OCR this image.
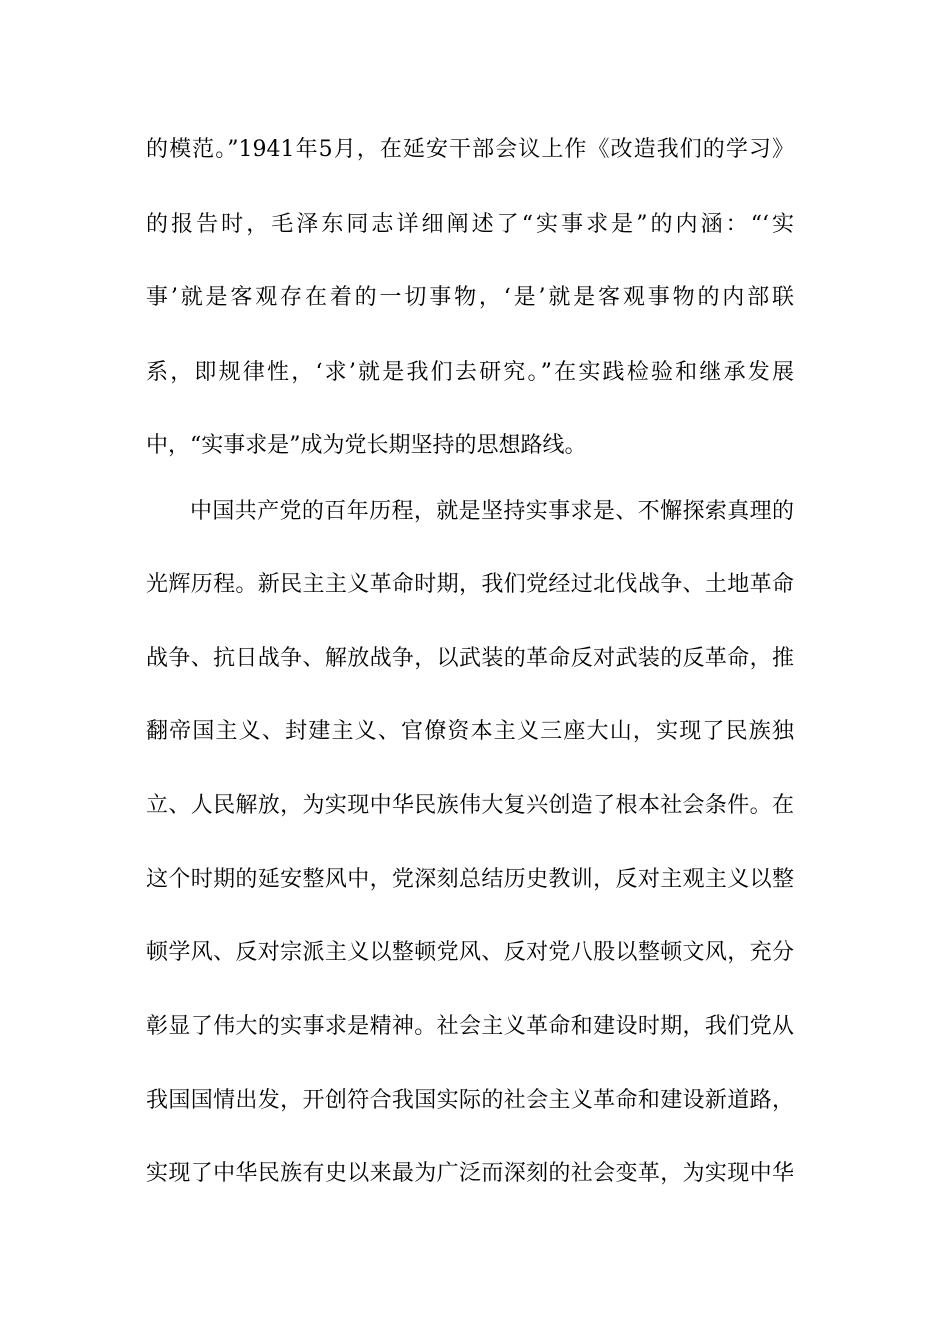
的模范。”1941年5月，在延安干部会议上作《改造我们的学习》
的报告时，毛泽东同志详细阐述了“实事求是”的内涵：“‘实
事’就是客观存在着的一切事物，‘是’就是客观事物的内部联
系，即规律性，‘求’就是我们去研究。”在实践检验和继承发展
中，“实事求是”成为党长期坚持的思想路线。
中国共产党的百年历程，就是坚持实事求是、不懈探索真理的
光辉历程。新民主主义革命时期，我们党经过北伐战争、土地革命
战争、抗日战争、解放战争，以武装的革命反对武装的反革命，推
翻帝国主义、封建主义、官僚资本主义三座大山，实现了民族独
立、人民解放，为实现中华民族伟大复兴创造了根本社会条件。在
这个时期的延安整风中，党深刻总结历史教训，反对主观主义以整
顿学风、反对宗派主义以整顿党风、反对党八股以整顿文风，充分
彰显了伟大的实事求是精神。社会主义革命和建设时期，我们党从
我国国情出发，开创符合我国实际的社会主义革命和建设新道路，
实现了中华民族有史以来最为广泛而深刻的社会变革，为实现中华
